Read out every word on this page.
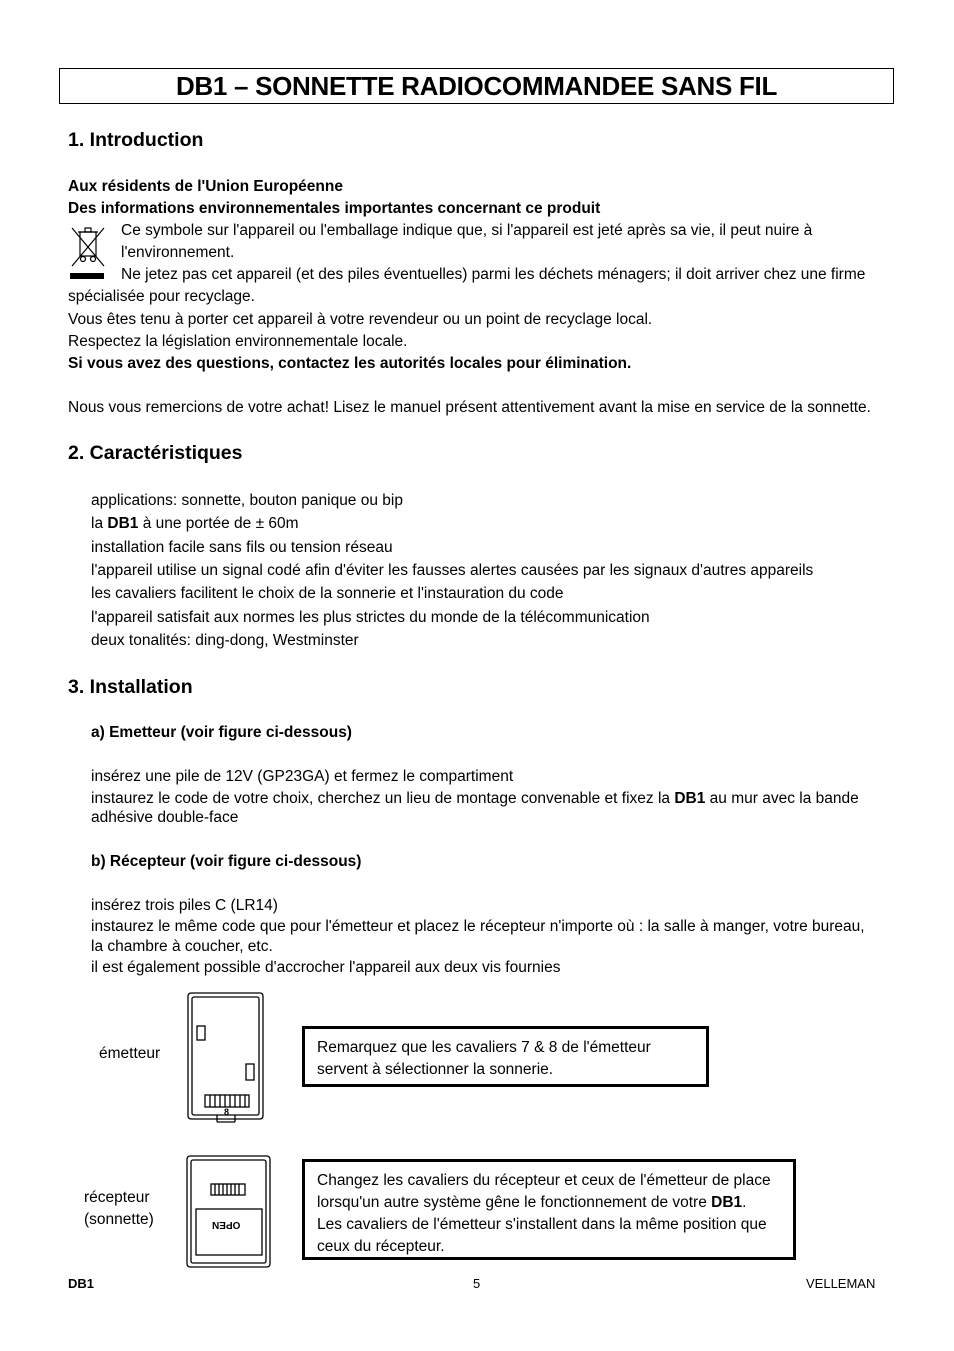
DB1 – SONNETTE RADIOCOMMANDEE SANS FIL
1. Introduction
Aux résidents de l'Union Européenne
Des informations environnementales importantes concernant ce produit
Ce symbole sur l'appareil ou l'emballage indique que, si l'appareil est jeté après sa vie, il peut nuire à
l'environnement.
Ne jetez pas cet appareil (et des piles éventuelles) parmi les déchets ménagers; il doit arriver chez une firme
spécialisée pour recyclage.
Vous êtes tenu à porter cet appareil à votre revendeur ou un point de recyclage local.
Respectez la législation environnementale locale.
Si vous avez des questions, contactez les autorités locales pour élimination.
Nous vous remercions de votre achat! Lisez le manuel présent attentivement avant la mise en service de la sonnette.
2. Caractéristiques
applications: sonnette, bouton panique ou bip
la DB1 à une portée de ± 60m
installation facile sans fils ou tension réseau
l'appareil utilise un signal codé afin d'éviter les fausses alertes causées par les signaux d'autres appareils
les cavaliers facilitent le choix de la sonnerie et l'instauration du code
l'appareil satisfait aux normes les plus strictes du monde de la télécommunication
deux tonalités: ding-dong, Westminster
3. Installation
a) Emetteur (voir figure ci-dessous)
insérez une pile de 12V (GP23GA) et fermez le compartiment
instaurez le code de votre choix, cherchez un lieu de montage convenable et fixez la DB1 au mur avec la bande
adhésive double-face
b) Récepteur (voir figure ci-dessous)
insérez trois piles C (LR14)
instaurez le même code que pour l'émetteur et placez le récepteur n'importe où : la salle à manger, votre bureau,
la chambre à coucher, etc.
il est également possible d'accrocher l'appareil aux deux vis fournies
émetteur
8
Remarquez que les cavaliers 7 & 8 de l'émetteur
servent à sélectionner la sonnerie.
récepteur
(sonnette)	OPEN
Changez les cavaliers du récepteur et ceux de l'émetteur de place
lorsqu'un autre système gêne le fonctionnement de votre DB1.
Les cavaliers de l'émetteur s'installent dans la même position que
ceux du récepteur.
DB1	5	VELLEMAN
